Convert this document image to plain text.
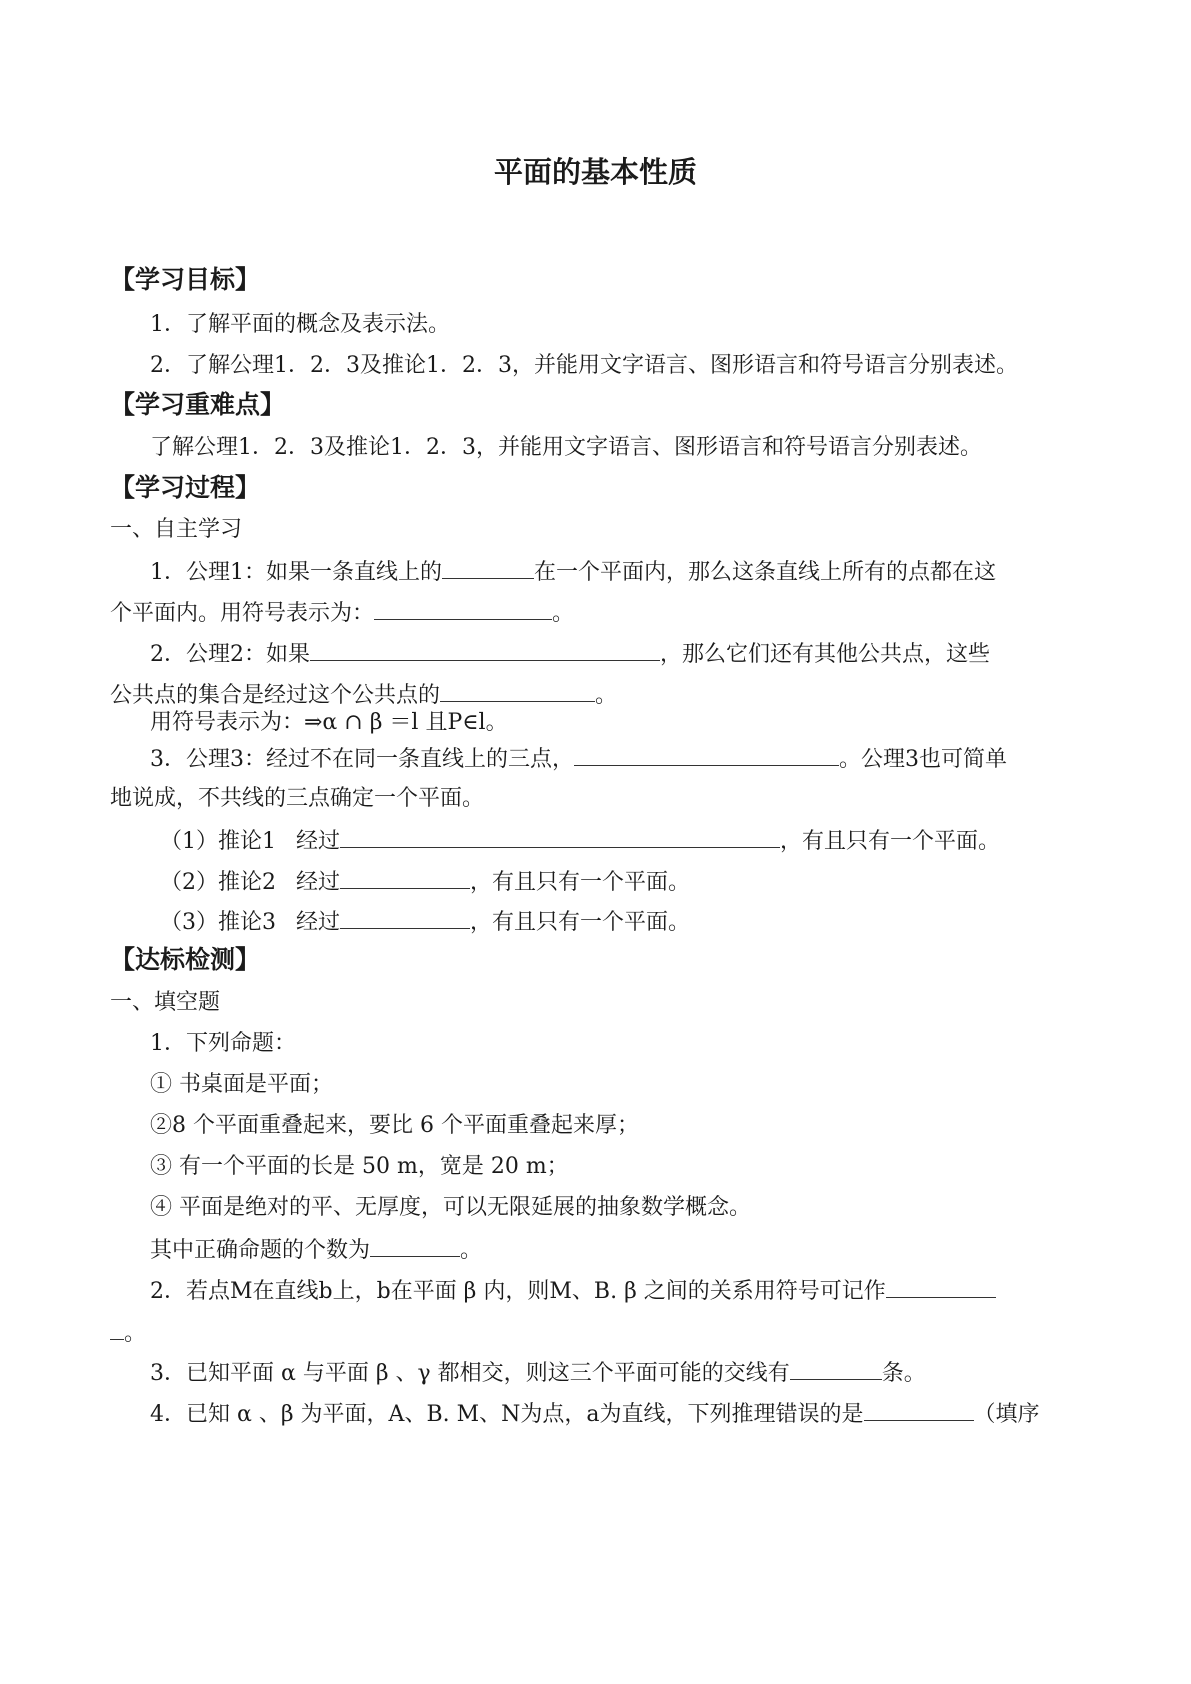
平面的基本性质
【学习目标】
1．了解平面的概念及表示法。
2．了解公理1．2．3及推论1．2．3，并能用文字语言、图形语言和符号语言分别表述。
【学习重难点】
了解公理1．2．3及推论1．2．3，并能用文字语言、图形语言和符号语言分别表述。
【学习过程】
一、自主学习
1．公理1：如果一条直线上的	在一个平面内，那么这条直线上所有的点都在这
个平面内。用符号表示为：	。
2．公理2：如果	，那么它们还有其他公共点，这些
公共点的集合是经过这个公共点的	。
用符号表示为：⇒α ∩ β ＝l 且P∈l。
3．公理3：经过不在同一条直线上的三点，	。公理3也可简单
地说成，不共线的三点确定一个平面。
（1）推论1 经过	，有且只有一个平面。
（2）推论2 经过	，有且只有一个平面。
（3）推论3 经过	，有且只有一个平面。
【达标检测】
一、填空题
1．下列命题：
① 书桌面是平面；
②8 个平面重叠起来，要比 6 个平面重叠起来厚；
③ 有一个平面的长是 50 m，宽是 20 m；
④ 平面是绝对的平、无厚度，可以无限延展的抽象数学概念。
其中正确命题的个数为	。
2．若点M在直线b上，b在平面 β 内，则M、B. β 之间的关系用符号可记作
。
3．已知平面 α 与平面 β 、γ 都相交，则这三个平面可能的交线有	条。
4．已知 α 、β 为平面，A、B. M、N为点，a为直线，下列推理错误的是	（填序
